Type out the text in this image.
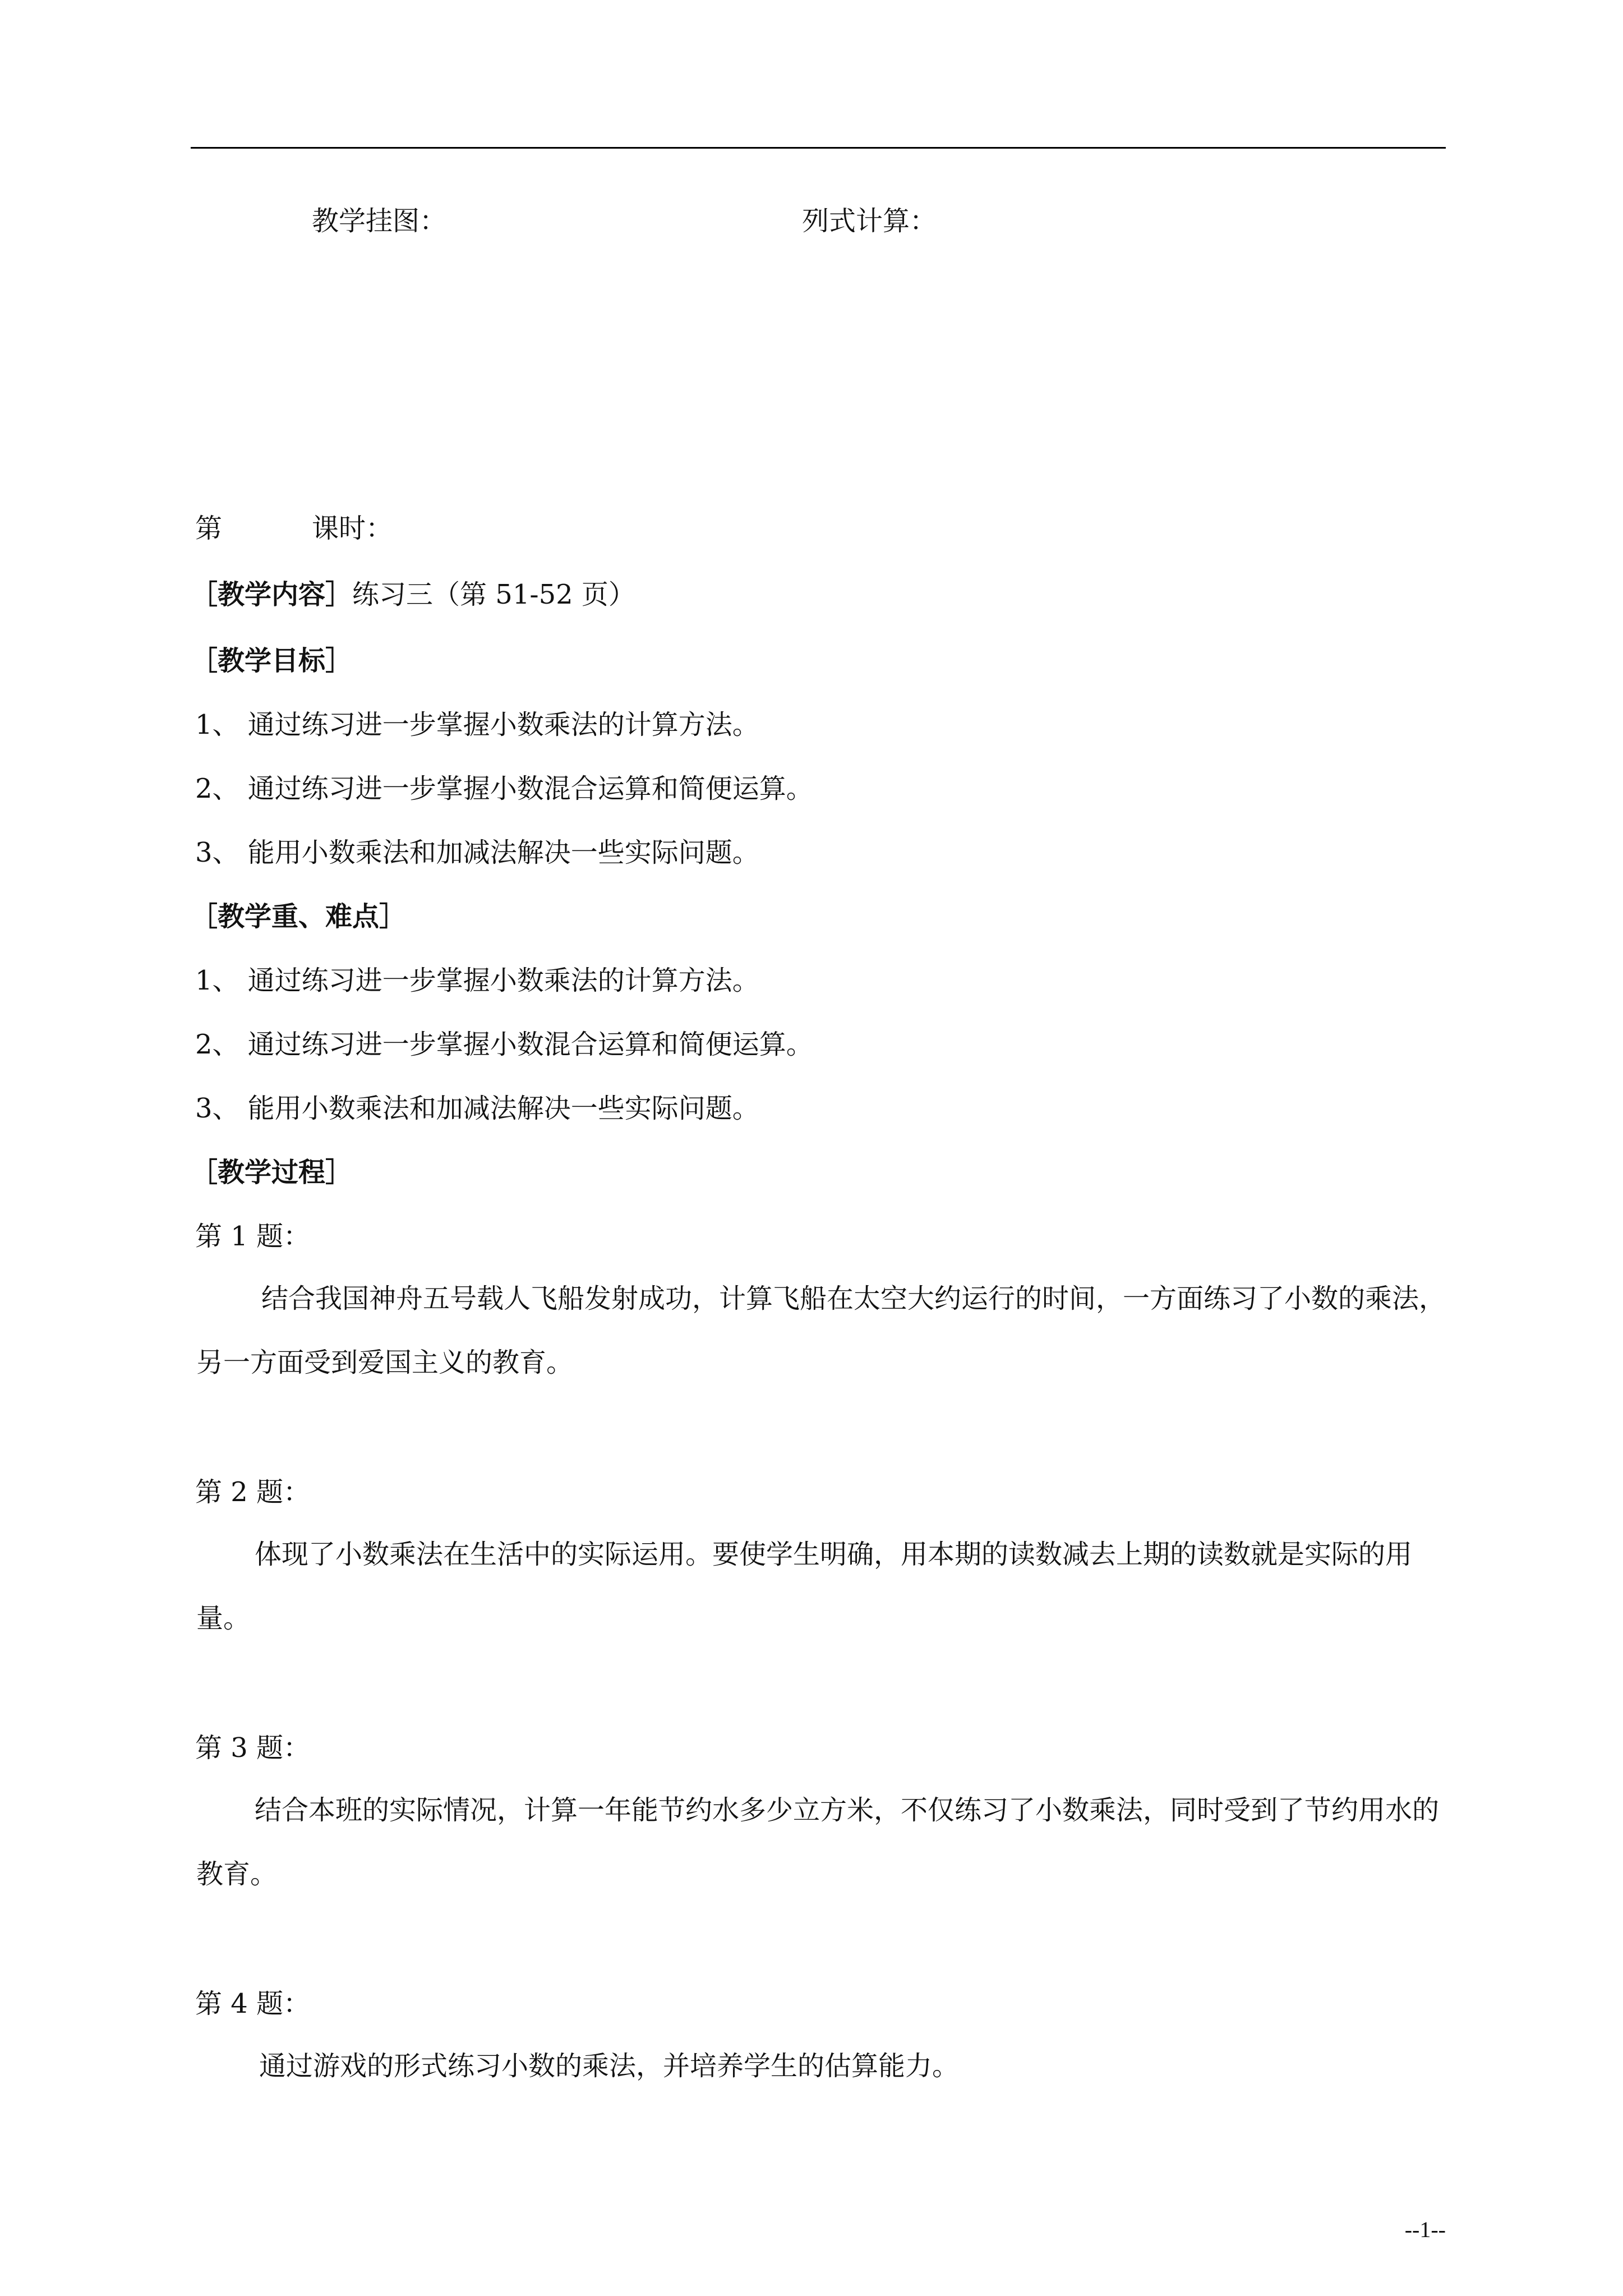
教学挂图：	列式计算：
第	课时：
［教学内容］练习三（第 51-52 页）
［教学目标］
1、 通过练习进一步掌握小数乘法的计算方法。
2、 通过练习进一步掌握小数混合运算和简便运算。
3、 能用小数乘法和加减法解决一些实际问题。
［教学重、难点］
1、 通过练习进一步掌握小数乘法的计算方法。
2、 通过练习进一步掌握小数混合运算和简便运算。
3、 能用小数乘法和加减法解决一些实际问题。
［教学过程］
第 1 题：
结合我国神舟五号载人飞船发射成功，计算飞船在太空大约运行的时间，一方面练习了小数的乘法，另一方面受到爱国主义的教育。
第 2 题：
体现了小数乘法在生活中的实际运用。要使学生明确，用本期的读数减去上期的读数就是实际的用量。
第 3 题：
结合本班的实际情况，计算一年能节约水多少立方米，不仅练习了小数乘法，同时受到了节约用水的教育。
第 4 题：
通过游戏的形式练习小数的乘法，并培养学生的估算能力。
--1--
